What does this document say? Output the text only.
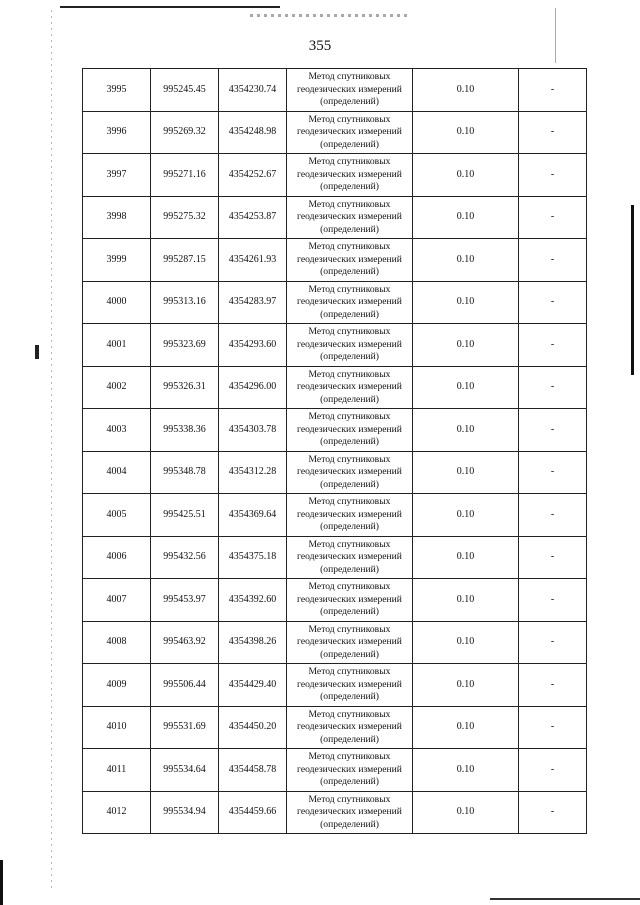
355
3995	995245.45	4354230.74	Метод спутниковых
геодезических измерений
(определений)	0.10	-
3996	995269.32	4354248.98	Метод спутниковых
геодезических измерений
(определений)	0.10	-
3997	995271.16	4354252.67	Метод спутниковых
геодезических измерений
(определений)	0.10	-
3998	995275.32	4354253.87	Метод спутниковых
геодезических измерений
(определений)	0.10	-
3999	995287.15	4354261.93	Метод спутниковых
геодезических измерений
(определений)	0.10	-
4000	995313.16	4354283.97	Метод спутниковых
геодезических измерений
(определений)	0.10	-
4001	995323.69	4354293.60	Метод спутниковых
геодезических измерений
(определений)	0.10	-
4002	995326.31	4354296.00	Метод спутниковых
геодезических измерений
(определений)	0.10	-
4003	995338.36	4354303.78	Метод спутниковых
геодезических измерений
(определений)	0.10	-
4004	995348.78	4354312.28	Метод спутниковых
геодезических измерений
(определений)	0.10	-
4005	995425.51	4354369.64	Метод спутниковых
геодезических измерений
(определений)	0.10	-
4006	995432.56	4354375.18	Метод спутниковых
геодезических измерений
(определений)	0.10	-
4007	995453.97	4354392.60	Метод спутниковых
геодезических измерений
(определений)	0.10	-
4008	995463.92	4354398.26	Метод спутниковых
геодезических измерений
(определений)	0.10	-
4009	995506.44	4354429.40	Метод спутниковых
геодезических измерений
(определений)	0.10	-
4010	995531.69	4354450.20	Метод спутниковых
геодезических измерений
(определений)	0.10	-
4011	995534.64	4354458.78	Метод спутниковых
геодезических измерений
(определений)	0.10	-
4012	995534.94	4354459.66	Метод спутниковых
геодезических измерений
(определений)	0.10	-
